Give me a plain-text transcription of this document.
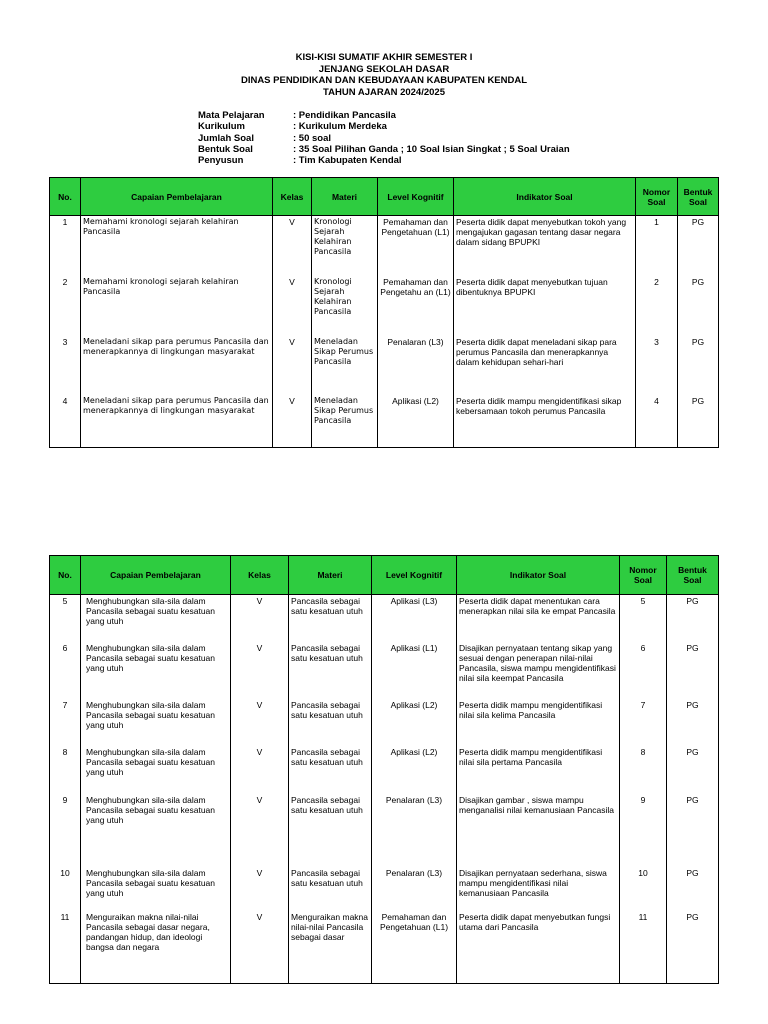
KISI-KISI SUMATIF AKHIR SEMESTER I
JENJANG SEKOLAH DASAR
DINAS PENDIDIKAN DAN KEBUDAYAAN KABUPATEN KENDAL
TAHUN AJARAN 2024/2025
Mata Pelajaran	: Pendidikan Pancasila
Kurikulum	: Kurikulum Merdeka
Jumlah Soal	: 50 soal
Bentuk Soal	: 35 Soal Pilihan Ganda ; 10 Soal Isian Singkat ; 5 Soal Uraian
Penyusun	: Tim Kabupaten Kendal
No.	Capaian Pembelajaran	Kelas	Materi	Level Kognitif	Indikator Soal	Nomor Soal	Bentuk Soal
1	Memahami kronologi sejarah kelahiran Pancasila	V	Kronologi Sejarah Kelahiran Pancasila	Pemahaman dan Pengetahuan (L1)	Peserta didik dapat menyebutkan tokoh yang mengajukan gagasan tentang dasar negara dalam sidang BPUPKI	1	PG
2	Memahami kronologi sejarah kelahiran Pancasila	V	Kronologi Sejarah Kelahiran Pancasila	Pemahaman dan Pengetahu an (L1)	Peserta didik dapat menyebutkan tujuan dibentuknya BPUPKI	2	PG
3	Meneladani sikap para perumus Pancasila dan menerapkannya di lingkungan masyarakat	V	Meneladan Sikap Perumus Pancasila	Penalaran (L3)	Peserta didik dapat meneladani sikap para perumus Pancasila dan menerapkannya dalam kehidupan sehari-hari	3	PG
4	Meneladani sikap para perumus Pancasila dan menerapkannya di lingkungan masyarakat	V	Meneladan Sikap Perumus Pancasila	Aplikasi (L2)	Peserta didik mampu mengidentifikasi sikap kebersamaan tokoh perumus Pancasila	4	PG
No.	Capaian Pembelajaran	Kelas	Materi	Level Kognitif	Indikator Soal	Nomor Soal	Bentuk Soal
5	Menghubungkan sila-sila dalam Pancasila sebagai suatu kesatuan yang utuh	V	Pancasila sebagai satu kesatuan utuh	Aplikasi (L3)	Peserta didik dapat menentukan cara menerapkan nilai sila ke empat Pancasila	5	PG
6	Menghubungkan sila-sila dalam Pancasila sebagai suatu kesatuan yang utuh	V	Pancasila sebagai satu kesatuan utuh	Aplikasi (L1)	Disajikan pernyataan tentang sikap yang sesuai dengan penerapan nilai-nilai Pancasila, siswa mampu mengidentifikasi nilai sila keempat Pancasila	6	PG
7	Menghubungkan sila-sila dalam Pancasila sebagai suatu kesatuan yang utuh	V	Pancasila sebagai satu kesatuan utuh	Aplikasi (L2)	Peserta didik mampu mengidentifikasi nilai sila kelima Pancasila	7	PG
8	Menghubungkan sila-sila dalam Pancasila sebagai suatu kesatuan yang utuh	V	Pancasila sebagai satu kesatuan utuh	Aplikasi (L2)	Peserta didik mampu mengidentifikasi nilai sila pertama Pancasila	8	PG
9	Menghubungkan sila-sila dalam Pancasila sebagai suatu kesatuan yang utuh	V	Pancasila sebagai satu kesatuan utuh	Penalaran (L3)	Disajikan gambar , siswa mampu menganalisi nilai kemanusiaan Pancasila	9	PG
10	Menghubungkan sila-sila dalam Pancasila sebagai suatu kesatuan yang utuh	V	Pancasila sebagai satu kesatuan utuh	Penalaran (L3)	Disajikan pernyataan sederhana, siswa mampu mengidentifikasi nilai kemanusiaan Pancasila	10	PG
11	Menguraikan makna nilai-nilai Pancasila sebagai dasar negara, pandangan hidup, dan ideologi bangsa dan negara	V	Menguraikan makna nilai-nilai Pancasila sebagai dasar	Pemahaman dan Pengetahuan (L1)	Peserta didik dapat menyebutkan fungsi utama dari Pancasila	11	PG
